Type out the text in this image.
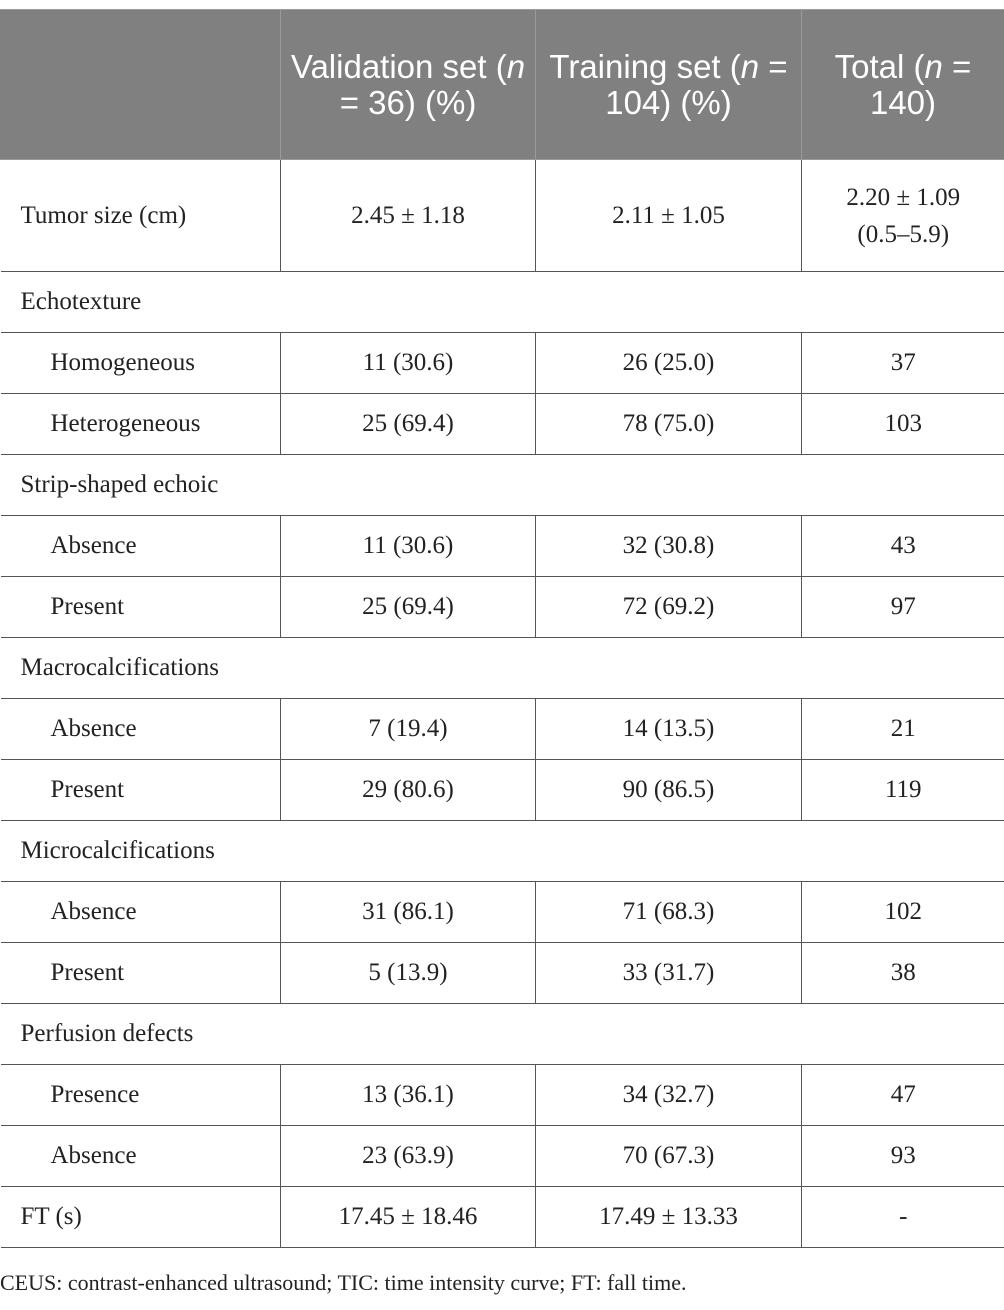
	Validation set (n = 36) (%)	Training set (n = 104) (%)	Total (n = 140)
Tumor size (cm)	2.45 ± 1.18	2.11 ± 1.05	2.20 ± 1.09
(0.5–5.9)

Echotexture			
Homogeneous	11 (30.6)	26 (25.0)	37
Heterogeneous	25 (69.4)	78 (75.0)	103
Strip-shaped echoic			
Absence	11 (30.6)	32 (30.8)	43
Present	25 (69.4)	72 (69.2)	97
Macrocalcifications			
Absence	7 (19.4)	14 (13.5)	21
Present	29 (80.6)	90 (86.5)	119
Microcalcifications			
Absence	31 (86.1)	71 (68.3)	102
Present	5 (13.9)	33 (31.7)	38
Perfusion defects			
Presence	13 (36.1)	34 (32.7)	47
Absence	23 (63.9)	70 (67.3)	93
FT (s)	17.45 ± 18.46	17.49 ± 13.33	-
CEUS: contrast-enhanced ultrasound; TIC: time intensity curve; FT: fall time.
